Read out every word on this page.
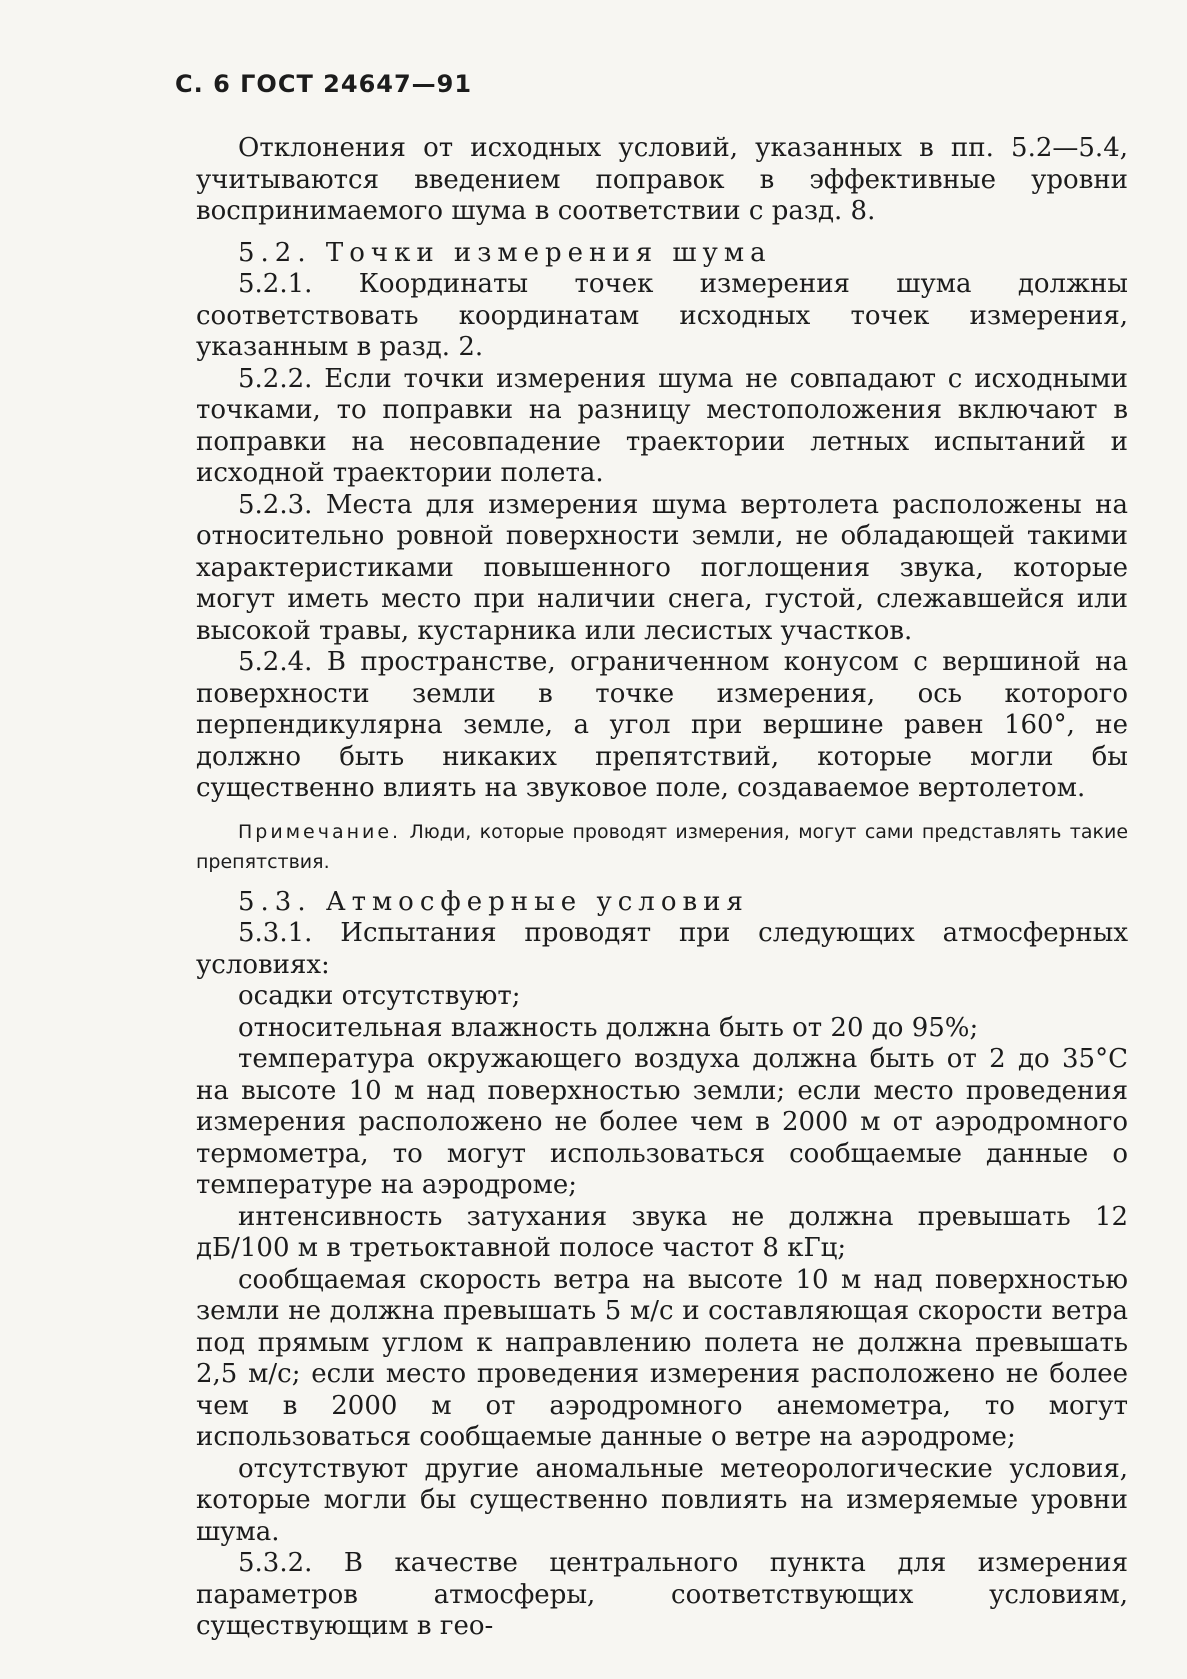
С. 6 ГОСТ 24647—91

Отклонения от исходных условий, указанных в пп. 5.2—5.4, учитываются введением поправок в эффективные уровни воспринимаемого шума в соответствии с разд. 8.

5.2. Точки измерения шума

5.2.1. Координаты точек измерения шума должны соответствовать координатам исходных точек измерения, указанным в разд. 2.

5.2.2. Если точки измерения шума не совпадают с исходными точками, то поправки на разницу местоположения включают в поправки на несовпадение траектории летных испытаний и исходной траектории полета.

5.2.3. Места для измерения шума вертолета расположены на относительно ровной поверхности земли, не обладающей такими характеристиками повышенного поглощения звука, которые могут иметь место при наличии снега, густой, слежавшейся или высокой травы, кустарника или лесистых участков.

5.2.4. В пространстве, ограниченном конусом с вершиной на поверхности земли в точке измерения, ось которого перпендикулярна земле, а угол при вершине равен 160°, не должно быть никаких препятствий, которые могли бы существенно влиять на звуковое поле, создаваемое вертолетом.

Примечание. Люди, которые проводят измерения, могут сами представлять такие препятствия.

5.3. Атмосферные условия

5.3.1. Испытания проводят при следующих атмосферных условиях:

осадки отсутствуют;

относительная влажность должна быть от 20 до 95%;

температура окружающего воздуха должна быть от 2 до 35°С на высоте 10 м над поверхностью земли; если место проведения измерения расположено не более чем в 2000 м от аэродромного термометра, то могут использоваться сообщаемые данные о температуре на аэродроме;

интенсивность затухания звука не должна превышать 12 дБ/100 м в третьоктавной полосе частот 8 кГц;

сообщаемая скорость ветра на высоте 10 м над поверхностью земли не должна превышать 5 м/с и составляющая скорости ветра под прямым углом к направлению полета не должна превышать 2,5 м/с; если место проведения измерения расположено не более чем в 2000 м от аэродромного анемометра, то могут использоваться сообщаемые данные о ветре на аэродроме;

отсутствуют другие аномальные метеорологические условия, которые могли бы существенно повлиять на измеряемые уровни шума.

5.3.2. В качестве центрального пункта для измерения параметров атмосферы, соответствующих условиям, существующим в гео-
